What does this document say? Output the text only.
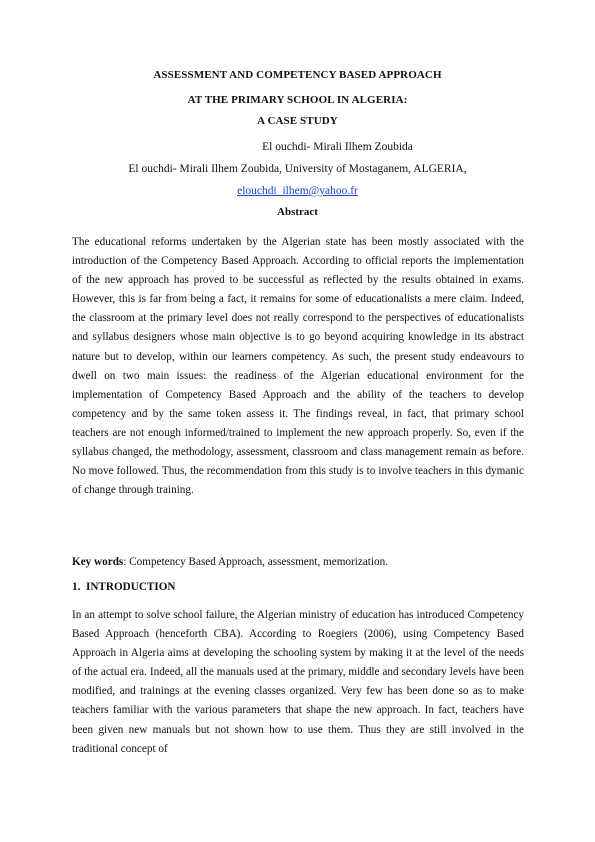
ASSESSMENT AND COMPETENCY BASED APPROACH
AT THE PRIMARY SCHOOL IN ALGERIA:
A CASE STUDY
El ouchdi- Mirali Ilhem Zoubida
El ouchdi- Mirali Ilhem Zoubida, University of Mostaganem, ALGERIA,
elouchdi_ilhem@yahoo.fr
Abstract

The educational reforms undertaken by the Algerian state has been mostly associated with the introduction of the Competency Based Approach. According to official reports the implementation of the new approach has proved to be successful as reflected by the results obtained in exams. However, this is far from being a fact, it remains for some of educationalists a mere claim. Indeed, the classroom at the primary level does not really correspond to the perspectives of educationalists and syllabus designers whose main objective is to go beyond acquiring knowledge in its abstract nature but to develop, within our learners competency. As such, the present study endeavours to dwell on two main issues: the readiness of the Algerian educational environment for the implementation of Competency Based Approach and the ability of the teachers to develop competency and by the same token assess it. The findings reveal, in fact, that primary school teachers are not enough informed/trained to implement the new approach properly. So, even if the syllabus changed, the methodology, assessment, classroom and class management remain as before. No move followed. Thus, the recommendation from this study is to involve teachers in this dymanic of change through training.

Key words: Competency Based Approach, assessment, memorization.
1. INTRODUCTION

In an attempt to solve school failure, the Algerian ministry of education has introduced Competency Based Approach (henceforth CBA). According to Roegiers (2006), using Competency Based Approach in Algeria aims at developing the schooling system by making it at the level of the needs of the actual era. Indeed, all the manuals used at the primary, middle and secondary levels have been modified, and trainings at the evening classes organized. Very few has been done so as to make teachers familiar with the various parameters that shape the new approach. In fact, teachers have been given new manuals but not shown how to use them. Thus they are still involved in the traditional concept of
